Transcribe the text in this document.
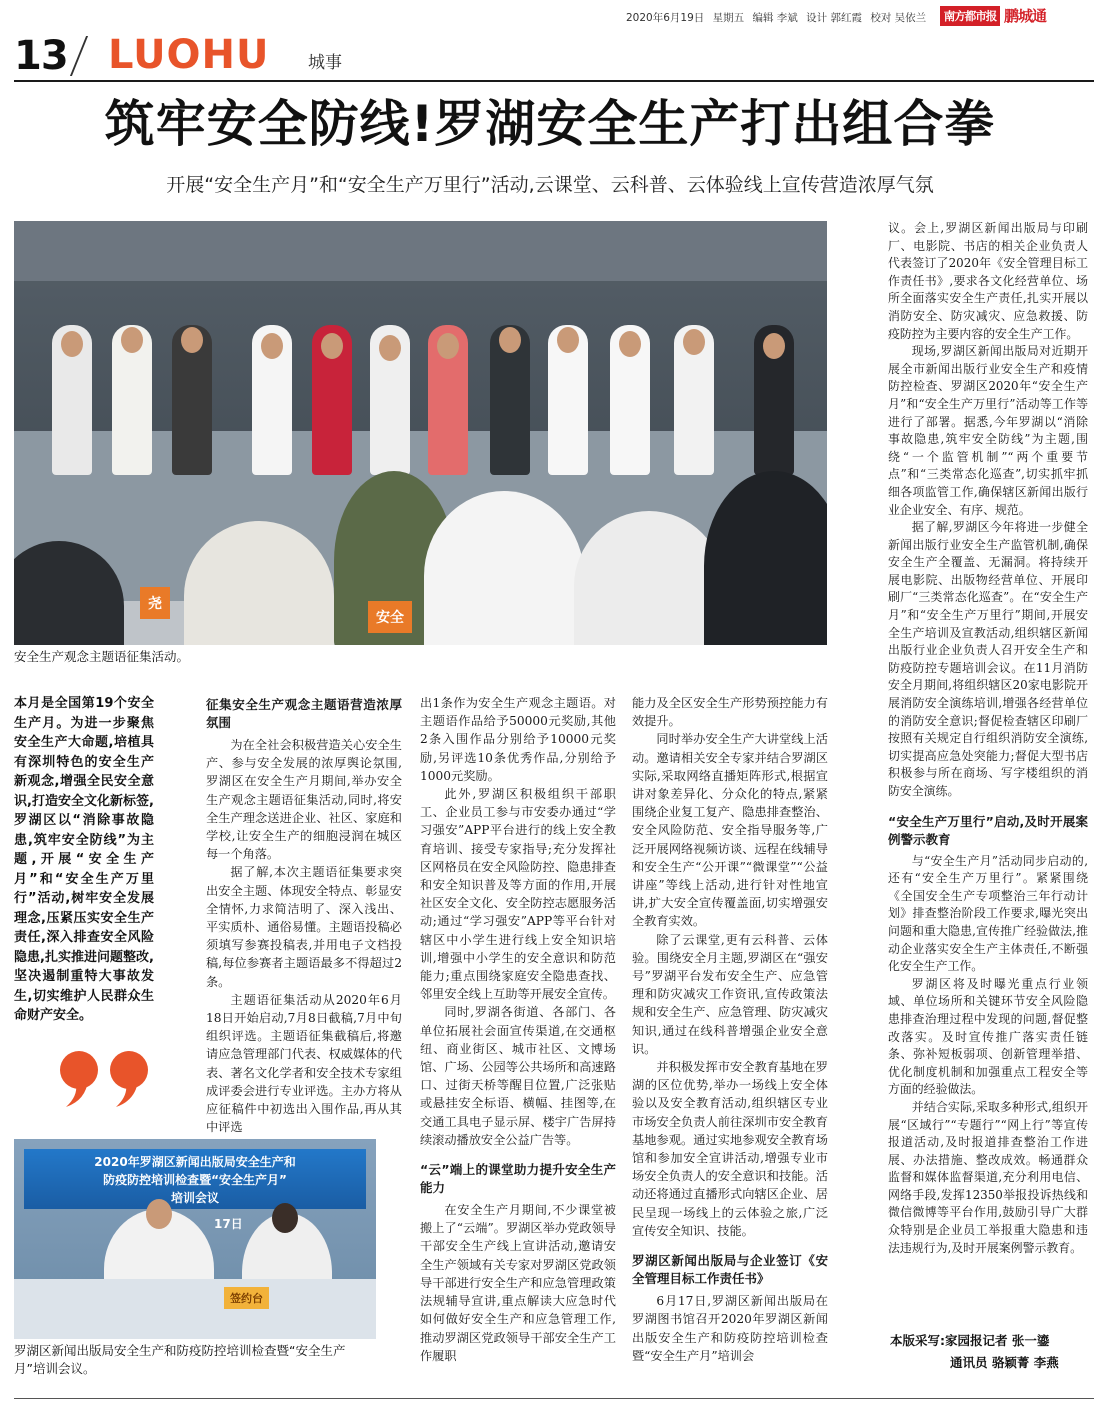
2020年6月19日 星期五 编辑 李斌 设计 郭红霞 校对 吴依兰	南方都市报 鹏城通
13 LUOHU 城事
筑牢安全防线!罗湖安全生产打出组合拳
开展“安全生产月”和“安全生产万里行”活动,云课堂、云科普、云体验线上宣传营造浓厚气氛
尧
安全
安全生产观念主题语征集活动。
本月是全国第19个安全生产月。为进一步聚焦安全生产大命题,培植具有深圳特色的安全生产新观念,增强全民安全意识,打造安全文化新标签,罗湖区以“消除事故隐患,筑牢安全防线”为主题,开展“安全生产月”和“安全生产万里行”活动,树牢安全发展理念,压紧压实安全生产责任,深入排查安全风险隐患,扎实推进问题整改,坚决遏制重特大事故发生,切实维护人民群众生命财产安全。
2020年罗湖区新闻出版局安全生产和
防疫防控培训检查暨“安全生产月”
培训会议
17日
签约台
罗湖区新闻出版局安全生产和防疫防控培训检查暨“安全生产月”培训会议。
征集安全生产观念主题语营造浓厚氛围

为在全社会积极营造关心安全生产、参与安全发展的浓厚舆论氛围,罗湖区在安全生产月期间,举办安全生产观念主题语征集活动,同时,将安全生产理念送进企业、社区、家庭和学校,让安全生产的细胞浸润在城区每一个角落。

据了解,本次主题语征集要求突出安全主题、体现安全特点、彰显安全情怀,力求简洁明了、深入浅出、平实质朴、通俗易懂。主题语投稿必须填写参赛投稿表,并用电子文档投稿,每位参赛者主题语最多不得超过2条。

主题语征集活动从2020年6月18日开始启动,7月8日截稿,7月中旬组织评选。主题语征集截稿后,将邀请应急管理部门代表、权威媒体的代表、著名文化学者和安全技术专家组成评委会进行专业评选。主办方将从应征稿件中初选出入围作品,再从其中评选

出1条作为安全生产观念主题语。对主题语作品给予50000元奖励,其他2条入围作品分别给予10000元奖励,另评选10条优秀作品,分别给予1000元奖励。

此外,罗湖区积极组织干部职工、企业员工参与市安委办通过“学习强安”APP平台进行的线上安全教育培训、接受专家指导;充分发挥社区网格员在安全风险防控、隐患排查和安全知识普及等方面的作用,开展社区安全文化、安全防控志愿服务活动;通过“学习强安”APP等平台针对辖区中小学生进行线上安全知识培训,增强中小学生的安全意识和防范能力;重点围绕家庭安全隐患查找、邻里安全线上互助等开展安全宣传。

同时,罗湖各街道、各部门、各单位拓展社会面宣传渠道,在交通枢纽、商业街区、城市社区、文博场馆、广场、公园等公共场所和高速路口、过街天桥等醒目位置,广泛张贴或悬挂安全标语、横幅、挂图等,在交通工具电子显示屏、楼宇广告屏持续滚动播放安全公益广告等。

“云”端上的课堂助力提升安全生产能力

在安全生产月期间,不少课堂被搬上了“云端”。罗湖区举办党政领导干部安全生产线上宣讲活动,邀请安全生产领域有关专家对罗湖区党政领导干部进行安全生产和应急管理政策法规辅导宣讲,重点解读大应急时代如何做好安全生产和应急管理工作,推动罗湖区党政领导干部安全生产工作履职

能力及全区安全生产形势预控能力有效提升。

同时举办安全生产大讲堂线上活动。邀请相关安全专家并结合罗湖区实际,采取网络直播矩阵形式,根据宣讲对象差异化、分众化的特点,紧紧围绕企业复工复产、隐患排查整治、安全风险防范、安全指导服务等,广泛开展网络视频访谈、远程在线辅导和安全生产“公开课”“微课堂”“公益讲座”等线上活动,进行针对性地宣讲,扩大安全宣传覆盖面,切实增强安全教育实效。

除了云课堂,更有云科普、云体验。围绕安全月主题,罗湖区在“强安号”罗湖平台发布安全生产、应急管理和防灾减灾工作资讯,宣传政策法规和安全生产、应急管理、防灾减灾知识,通过在线科普增强企业安全意识。

并积极发挥市安全教育基地在罗湖的区位优势,举办一场线上安全体验以及安全教育活动,组织辖区专业市场安全负责人前往深圳市安全教育基地参观。通过实地参观安全教育场馆和参加安全宣讲活动,增强专业市场安全负责人的安全意识和技能。活动还将通过直播形式向辖区企业、居民呈现一场线上的云体验之旅,广泛宣传安全知识、技能。

罗湖区新闻出版局与企业签订《安全管理目标工作责任书》

6月17日,罗湖区新闻出版局在罗湖图书馆召开2020年罗湖区新闻出版安全生产和防疫防控培训检查暨“安全生产月”培训会

议。会上,罗湖区新闻出版局与印刷厂、电影院、书店的相关企业负责人代表签订了2020年《安全管理目标工作责任书》,要求各文化经营单位、场所全面落实安全生产责任,扎实开展以消防安全、防灾减灾、应急救援、防疫防控为主要内容的安全生产工作。

现场,罗湖区新闻出版局对近期开展全市新闻出版行业安全生产和疫情防控检查、罗湖区2020年“安全生产月”和“安全生产万里行”活动等工作等进行了部署。据悉,今年罗湖以“消除事故隐患,筑牢安全防线”为主题,围绕“一个监管机制”“两个重要节点”和“三类常态化巡查”,切实抓牢抓细各项监管工作,确保辖区新闻出版行业企业安全、有序、规范。

据了解,罗湖区今年将进一步健全新闻出版行业安全生产监管机制,确保安全生产全覆盖、无漏洞。将持续开展电影院、出版物经营单位、开展印刷厂“三类常态化巡查”。在“安全生产月”和“安全生产万里行”期间,开展安全生产培训及宣教活动,组织辖区新闻出版行业企业负责人召开安全生产和防疫防控专题培训会议。在11月消防安全月期间,将组织辖区20家电影院开展消防安全演练培训,增强各经营单位的消防安全意识;督促检查辖区印刷厂按照有关规定自行组织消防安全演练,切实提高应急处突能力;督促大型书店积极参与所在商场、写字楼组织的消防安全演练。

“安全生产万里行”启动,及时开展案例警示教育

与“安全生产月”活动同步启动的,还有“安全生产万里行”。紧紧围绕《全国安全生产专项整治三年行动计划》排查整治阶段工作要求,曝光突出问题和重大隐患,宣传推广经验做法,推动企业落实安全生产主体责任,不断强化安全生产工作。

罗湖区将及时曝光重点行业领域、单位场所和关键环节安全风险隐患排查治理过程中发现的问题,督促整改落实。及时宣传推广落实责任链条、弥补短板弱项、创新管理举措、优化制度机制和加强重点工程安全等方面的经验做法。

并结合实际,采取多种形式,组织开展“区域行”“专题行”“网上行”等宣传报道活动,及时报道排查整治工作进展、办法措施、整改成效。畅通群众监督和媒体监督渠道,充分利用电信、网络手段,发挥12350举报投诉热线和微信微博等平台作用,鼓励引导广大群众特别是企业员工举报重大隐患和违法违规行为,及时开展案例警示教育。

本版采写:家园报记者 张一鎏
通讯员 骆颖菁 李燕
